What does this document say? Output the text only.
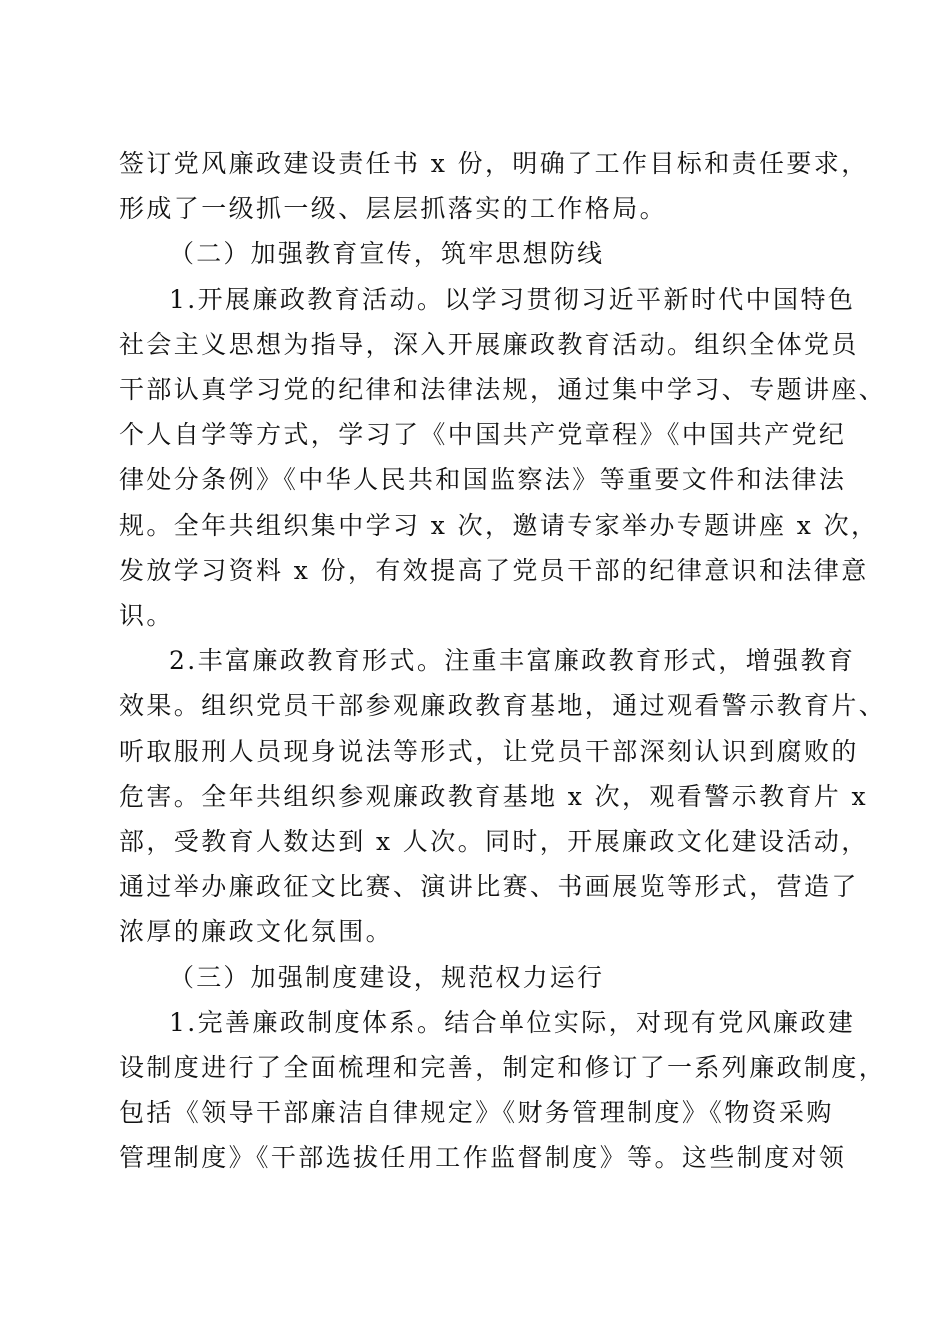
签订党风廉政建设责任书 x 份，明确了工作目标和责任要求，
形成了一级抓一级、层层抓落实的工作格局。
（二）加强教育宣传，筑牢思想防线
1.开展廉政教育活动。以学习贯彻习近平新时代中国特色
社会主义思想为指导，深入开展廉政教育活动。组织全体党员
干部认真学习党的纪律和法律法规，通过集中学习、专题讲座、
个人自学等方式，学习了《中国共产党章程》《中国共产党纪
律处分条例》《中华人民共和国监察法》等重要文件和法律法
规。全年共组织集中学习 x 次，邀请专家举办专题讲座 x 次，
发放学习资料 x 份，有效提高了党员干部的纪律意识和法律意
识。
2.丰富廉政教育形式。注重丰富廉政教育形式，增强教育
效果。组织党员干部参观廉政教育基地，通过观看警示教育片、
听取服刑人员现身说法等形式，让党员干部深刻认识到腐败的
危害。全年共组织参观廉政教育基地 x 次，观看警示教育片 x
部，受教育人数达到 x 人次。同时，开展廉政文化建设活动，
通过举办廉政征文比赛、演讲比赛、书画展览等形式，营造了
浓厚的廉政文化氛围。
（三）加强制度建设，规范权力运行
1.完善廉政制度体系。结合单位实际，对现有党风廉政建
设制度进行了全面梳理和完善，制定和修订了一系列廉政制度，
包括《领导干部廉洁自律规定》《财务管理制度》《物资采购
管理制度》《干部选拔任用工作监督制度》等。这些制度对领
